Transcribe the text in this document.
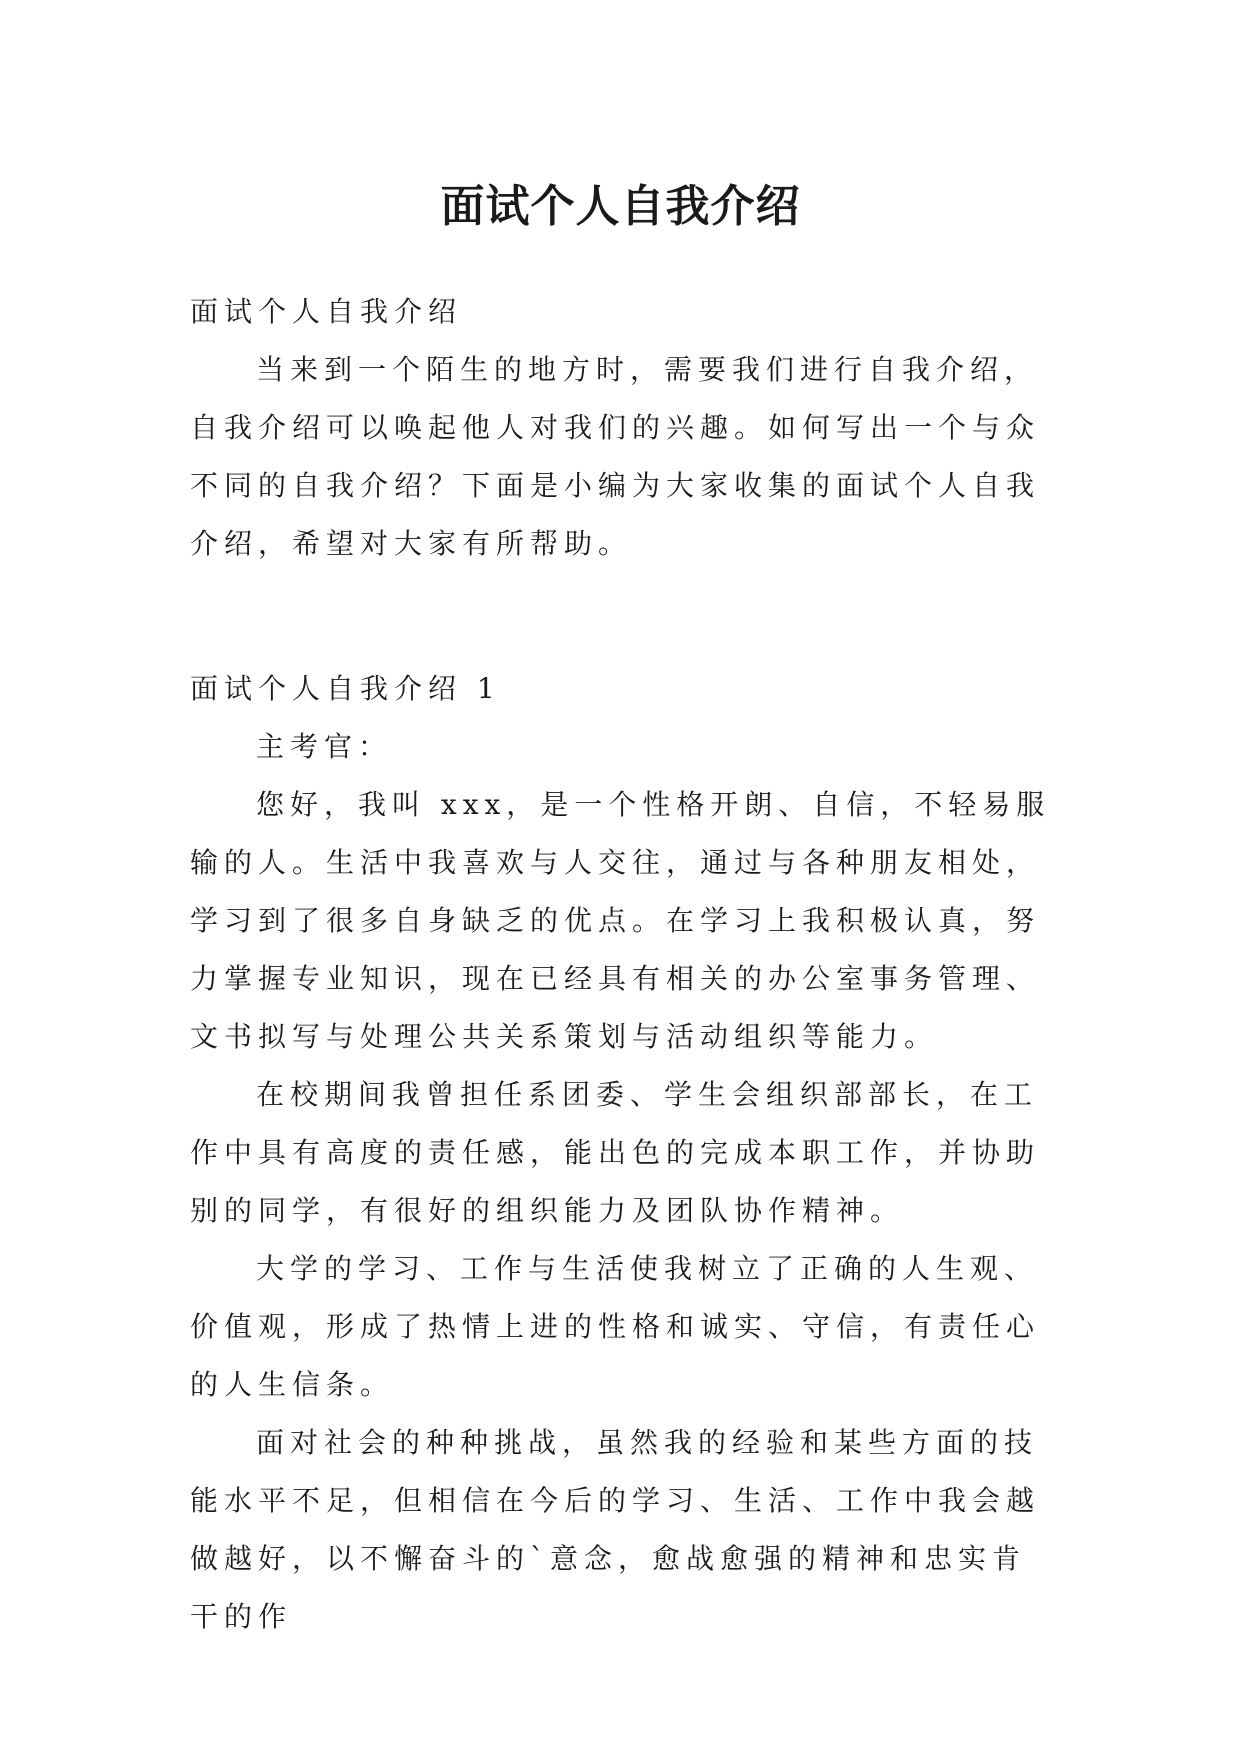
面试个人自我介绍

面试个人自我介绍

当来到一个陌生的地方时，需要我们进行自我介绍，自我介绍可以唤起他人对我们的兴趣。如何写出一个与众不同的自我介绍？下面是小编为大家收集的面试个人自我介绍，希望对大家有所帮助。

面试个人自我介绍 1

主考官：

您好，我叫 xxx，是一个性格开朗、自信，不轻易服输的人。生活中我喜欢与人交往，通过与各种朋友相处，学习到了很多自身缺乏的优点。在学习上我积极认真，努力掌握专业知识，现在已经具有相关的办公室事务管理、文书拟写与处理公共关系策划与活动组织等能力。

在校期间我曾担任系团委、学生会组织部部长，在工作中具有高度的责任感，能出色的完成本职工作，并协助别的同学，有很好的组织能力及团队协作精神。

大学的学习、工作与生活使我树立了正确的人生观、价值观，形成了热情上进的性格和诚实、守信，有责任心的人生信条。

面对社会的种种挑战，虽然我的经验和某些方面的技能水平不足，但相信在今后的学习、生活、工作中我会越做越好，以不懈奋斗的`意念，愈战愈强的精神和忠实肯干的作
